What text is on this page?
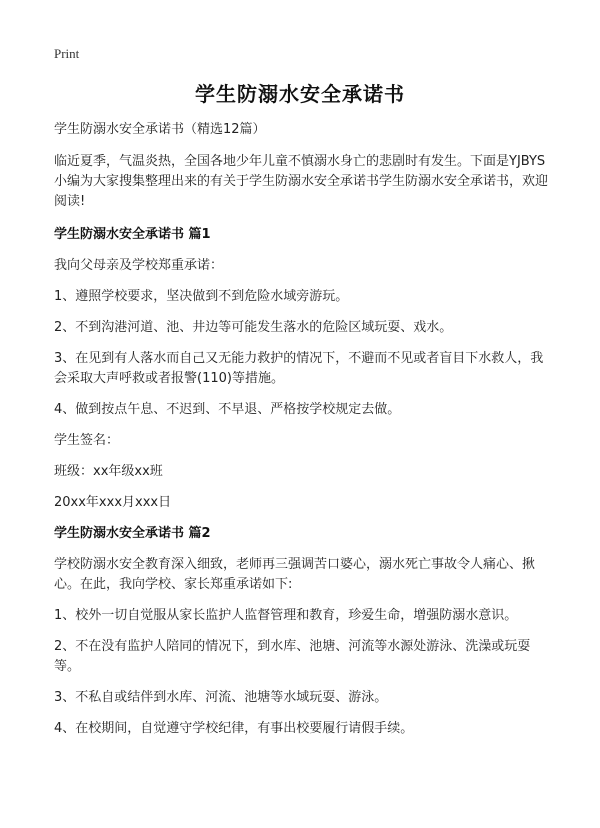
Print
学生防溺水安全承诺书

学生防溺水安全承诺书（精选12篇）

临近夏季，气温炎热，全国各地少年儿童不慎溺水身亡的悲剧时有发生。下面是YJBYS小编为大家搜集整理出来的有关于学生防溺水安全承诺书学生防溺水安全承诺书，欢迎阅读!

学生防溺水安全承诺书 篇1

我向父母亲及学校郑重承诺：

1、遵照学校要求，坚决做到不到危险水域旁游玩。

2、不到沟港河道、池、井边等可能发生落水的危险区域玩耍、戏水。

3、在见到有人落水而自己又无能力救护的情况下，不避而不见或者盲目下水救人，我会采取大声呼救或者报警(110)等措施。

4、做到按点午息、不迟到、不早退、严格按学校规定去做。

学生签名：

班级：xx年级xx班

20xx年xxx月xxx日

学生防溺水安全承诺书 篇2

学校防溺水安全教育深入细致，老师再三强调苦口婆心，溺水死亡事故令人痛心、揪心。在此，我向学校、家长郑重承诺如下:

1、校外一切自觉服从家长监护人监督管理和教育，珍爱生命，增强防溺水意识。

2、不在没有监护人陪同的情况下，到水库、池塘、河流等水源处游泳、洗澡或玩耍等。

3、不私自或结伴到水库、河流、池塘等水域玩耍、游泳。

4、在校期间，自觉遵守学校纪律，有事出校要履行请假手续。
